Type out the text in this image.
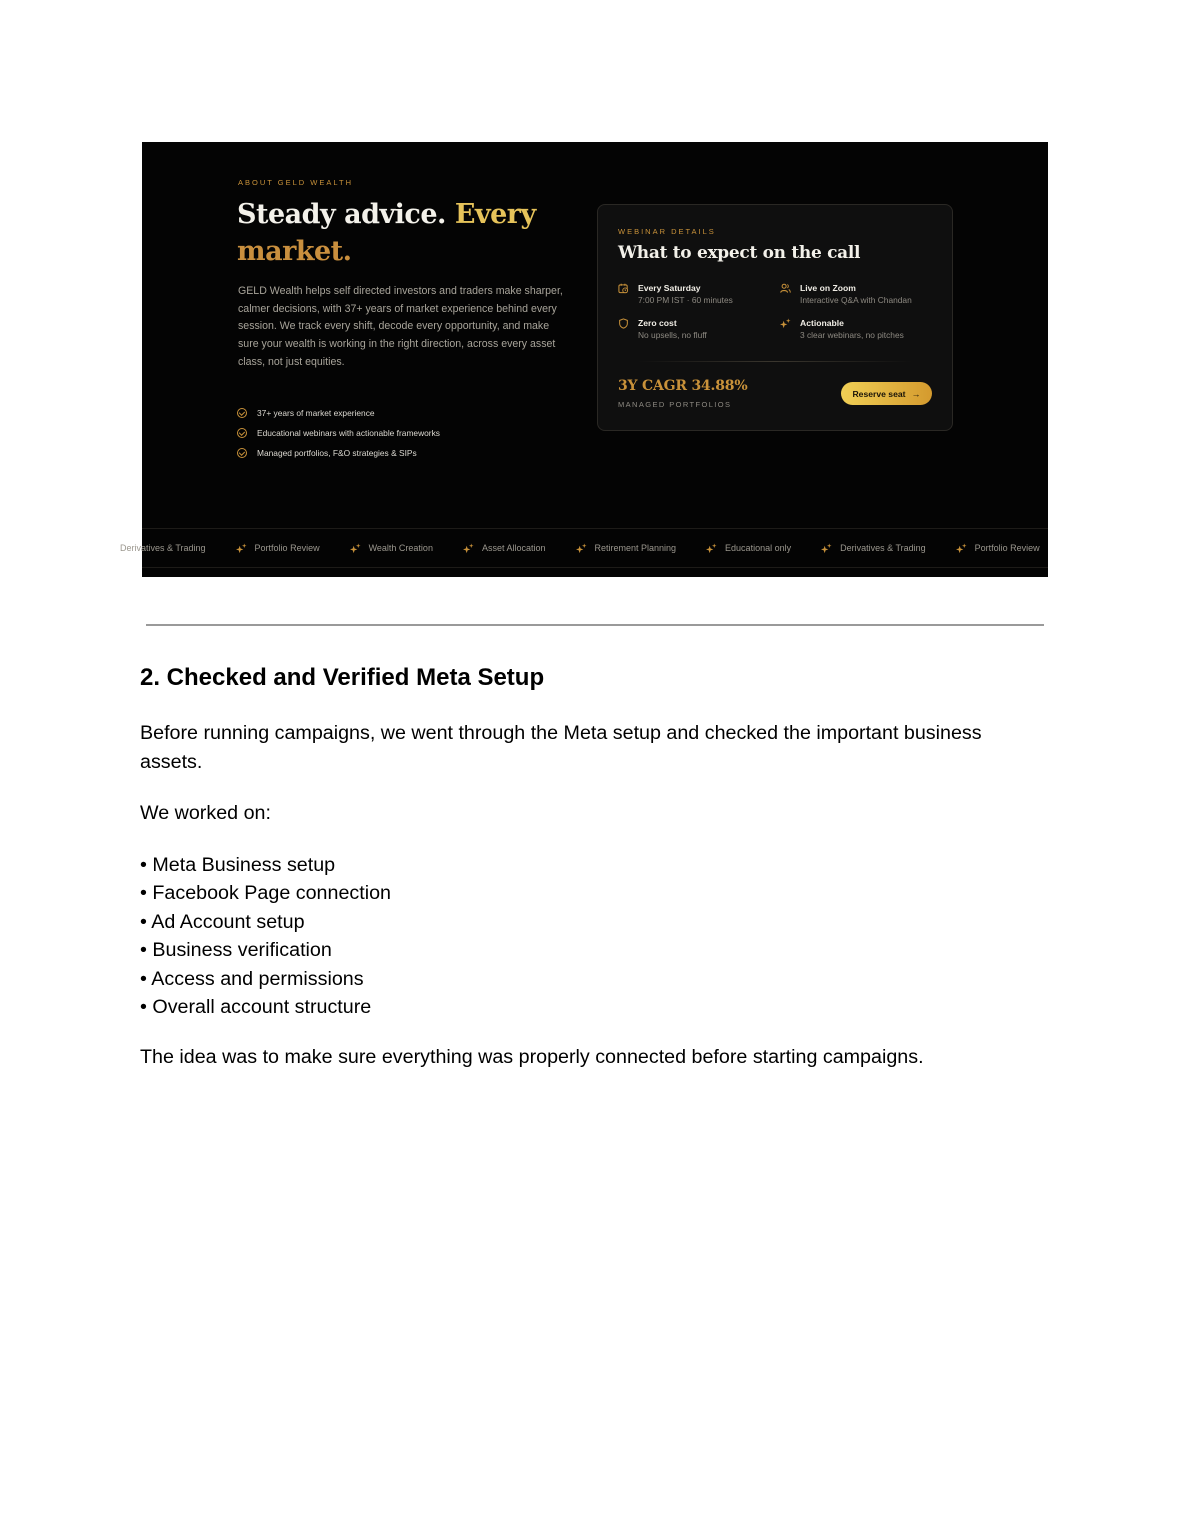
ABOUT GELD WEALTH
Steady advice. Every
market.

GELD Wealth helps self directed investors and traders make sharper, calmer decisions, with 37+ years of market experience behind every session. We track every shift, decode every opportunity, and make sure your wealth is working in the right direction, across every asset class, not just equities.

37+ years of market experience
Educational webinars with actionable frameworks
Managed portfolios, F&O strategies & SIPs
WEBINAR DETAILS
What to expect on the call
Every Saturday
7:00 PM IST · 60 minutes
Live on Zoom
Interactive Q&A with Chandan
Zero cost
No upsells, no fluff
Actionable
3 clear webinars, no pitches
3Y CAGR 34.88%
MANAGED PORTFOLIOS
Reserve seat →
Derivatives & Trading	Portfolio Review	Wealth Creation	Asset Allocation	Retirement Planning	Educational only	Derivatives & Trading	Portfolio Review
2. Checked and Verified Meta Setup

Before running campaigns, we went through the Meta setup and checked the important business assets.

We worked on:

• Meta Business setup
• Facebook Page connection
• Ad Account setup
• Business verification
• Access and permissions
• Overall account structure

The idea was to make sure everything was properly connected before starting campaigns.
